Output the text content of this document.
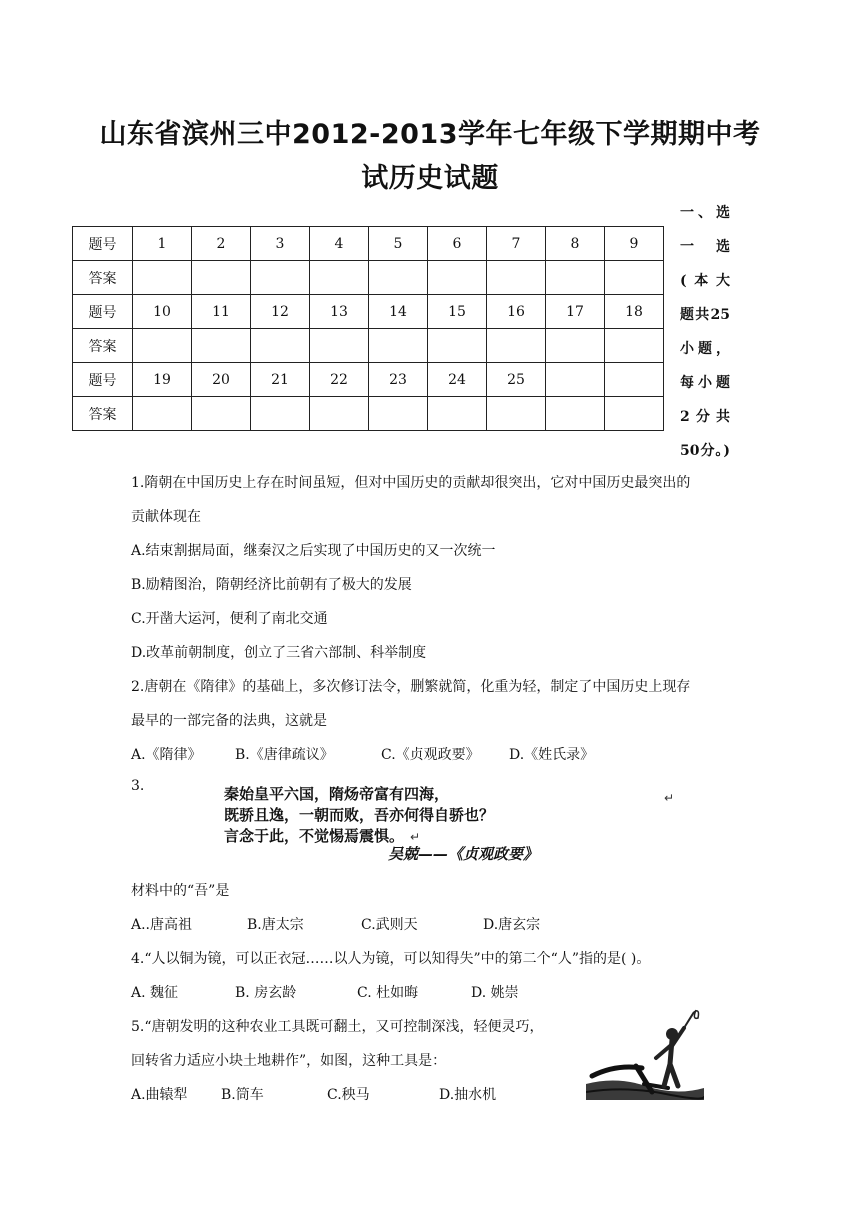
山东省滨州三中2012-2013学年七年级下学期期中考
试历史试题
一、选
一 选
(本大
题共25
小题，
每小题
2分共
50分。)
题号	1	2	3	4	5	6	7	8	9
答案									
题号	10	11	12	13	14	15	16	17	18
答案									
题号	19	20	21	22	23	24	25		
答案									
1.隋朝在中国历史上存在时间虽短，但对中国历史的贡献却很突出，它对中国历史最突出的
贡献体现在
A.结束割据局面，继秦汉之后实现了中国历史的又一次统一
B.励精图治，隋朝经济比前朝有了极大的发展
C.开凿大运河，便利了南北交通
D.改革前朝制度，创立了三省六部制、科举制度
2.唐朝在《隋律》的基础上，多次修订法令，删繁就简，化重为轻，制定了中国历史上现存
最早的一部完备的法典，这就是
A.《隋律》 B.《唐律疏议》	C.《贞观政要》 D.《姓氏录》
3.	秦始皇平六国，隋炀帝富有四海，
既骄且逸，一朝而败，吾亦何得自骄也？
↵
言念于此，不觉惕焉震惧。 ↵
吴兢——《贞观政要》
材料中的“吾”是
A..唐高祖	B.唐太宗	C.武则天	D.唐玄宗
4.“人以铜为镜，可以正衣冠……以人为镜，可以知得失”中的第二个“人”指的是( )。
A. 魏征	B. 房玄龄	C. 杜如晦	D. 姚崇
5.“唐朝发明的这种农业工具既可翻土，又可控制深浅，轻便灵巧，
回转省力适应小块土地耕作”，如图，这种工具是：
A.曲辕犁 B.筒车	C.秧马	D.抽水机
